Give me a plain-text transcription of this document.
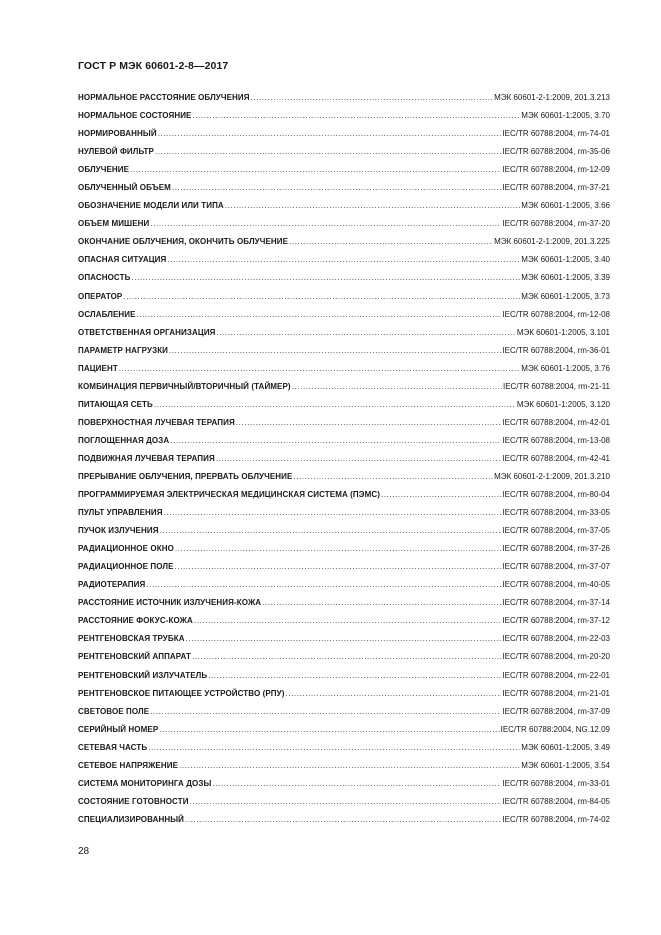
ГОСТ Р МЭК 60601-2-8—2017
НОРМАЛЬНОЕ РАССТОЯНИЕ ОБЛУЧЕНИЯ .....	МЭК 60601-2-1:2009, 201.3.213
НОРМАЛЬНОЕ СОСТОЯНИЕ .....	МЭК 60601-1:2005, 3.70
НОРМИРОВАННЫЙ .....	IEC/TR 60788:2004, rm-74-01
НУЛЕВОЙ ФИЛЬТР .....	IEC/TR 60788:2004, rm-35-06
ОБЛУЧЕНИЕ .....	IEC/TR 60788:2004, rm-12-09
ОБЛУЧЕННЫЙ ОБЪЕМ .....	IEC/TR 60788:2004, rm-37-21
ОБОЗНАЧЕНИЕ МОДЕЛИ ИЛИ ТИПА .....	МЭК 60601-1:2005, 3.66
ОБЪЕМ МИШЕНИ .....	IEC/TR 60788:2004, rm-37-20
ОКОНЧАНИЕ ОБЛУЧЕНИЯ, ОКОНЧИТЬ ОБЛУЧЕНИЕ .....	МЭК 60601-2-1:2009, 201.3.225
ОПАСНАЯ СИТУАЦИЯ .....	МЭК 60601-1:2005, 3.40
ОПАСНОСТЬ .....	МЭК 60601-1:2005, 3.39
ОПЕРАТОР .....	МЭК 60601-1:2005, 3.73
ОСЛАБЛЕНИЕ .....	IEC/TR 60788:2004, rm-12-08
ОТВЕТСТВЕННАЯ ОРГАНИЗАЦИЯ .....	МЭК 60601-1:2005, 3.101
ПАРАМЕТР НАГРУЗКИ .....	IEC/TR 60788:2004, rm-36-01
ПАЦИЕНТ .....	МЭК 60601-1:2005, 3.76
КОМБИНАЦИЯ ПЕРВИЧНЫЙ/ВТОРИЧНЫЙ (ТАЙМЕР) .....	IEC/TR 60788:2004, rm-21-11
ПИТАЮЩАЯ СЕТЬ .....	МЭК 60601-1:2005, 3.120
ПОВЕРХНОСТНАЯ ЛУЧЕВАЯ ТЕРАПИЯ .....	IEC/TR 60788:2004, rm-42-01
ПОГЛОЩЕННАЯ ДОЗА .....	IEC/TR 60788:2004, rm-13-08
ПОДВИЖНАЯ ЛУЧЕВАЯ ТЕРАПИЯ .....	IEC/TR 60788:2004, rm-42-41
ПРЕРЫВАНИЕ ОБЛУЧЕНИЯ, ПРЕРВАТЬ ОБЛУЧЕНИЕ .....	МЭК 60601-2-1:2009, 201.3.210
ПРОГРАММИРУЕМАЯ ЭЛЕКТРИЧЕСКАЯ МЕДИЦИНСКАЯ СИСТЕМА (ПЭМС) .....	IEC/TR 60788:2004, rm-80-04
ПУЛЬТ УПРАВЛЕНИЯ .....	IEC/TR 60788:2004, rm-33-05
ПУЧОК ИЗЛУЧЕНИЯ .....	IEC/TR 60788:2004, rm-37-05
РАДИАЦИОННОЕ ОКНО .....	IEC/TR 60788:2004, rm-37-26
РАДИАЦИОННОЕ ПОЛЕ .....	IEC/TR 60788:2004, rm-37-07
РАДИОТЕРАПИЯ .....	IEC/TR 60788:2004, rm-40-05
РАССТОЯНИЕ ИСТОЧНИК ИЗЛУЧЕНИЯ-КОЖА .....	IEC/TR 60788:2004, rm-37-14
РАССТОЯНИЕ ФОКУС-КОЖА .....	IEC/TR 60788:2004, rm-37-12
РЕНТГЕНОВСКАЯ ТРУБКА .....	IEC/TR 60788:2004, rm-22-03
РЕНТГЕНОВСКИЙ АППАРАТ .....	IEC/TR 60788:2004, rm-20-20
РЕНТГЕНОВСКИЙ ИЗЛУЧАТЕЛЬ .....	IEC/TR 60788:2004, rm-22-01
РЕНТГЕНОВСКОЕ ПИТАЮЩЕЕ УСТРОЙСТВО (РПУ) .....	IEC/TR 60788:2004, rm-21-01
СВЕТОВОЕ ПОЛЕ .....	IEC/TR 60788:2004, rm-37-09
СЕРИЙНЫЙ НОМЕР .....	IEC/TR 60788:2004, NG.12.09
СЕТЕВАЯ ЧАСТЬ .....	МЭК 60601-1:2005, 3.49
СЕТЕВОЕ НАПРЯЖЕНИЕ .....	МЭК 60601-1:2005, 3.54
СИСТЕМА МОНИТОРИНГА ДОЗЫ .....	IEC/TR 60788:2004, rm-33-01
СОСТОЯНИЕ ГОТОВНОСТИ .....	IEC/TR 60788:2004, rm-84-05
СПЕЦИАЛИЗИРОВАННЫЙ .....	IEC/TR 60788:2004, rm-74-02
28
